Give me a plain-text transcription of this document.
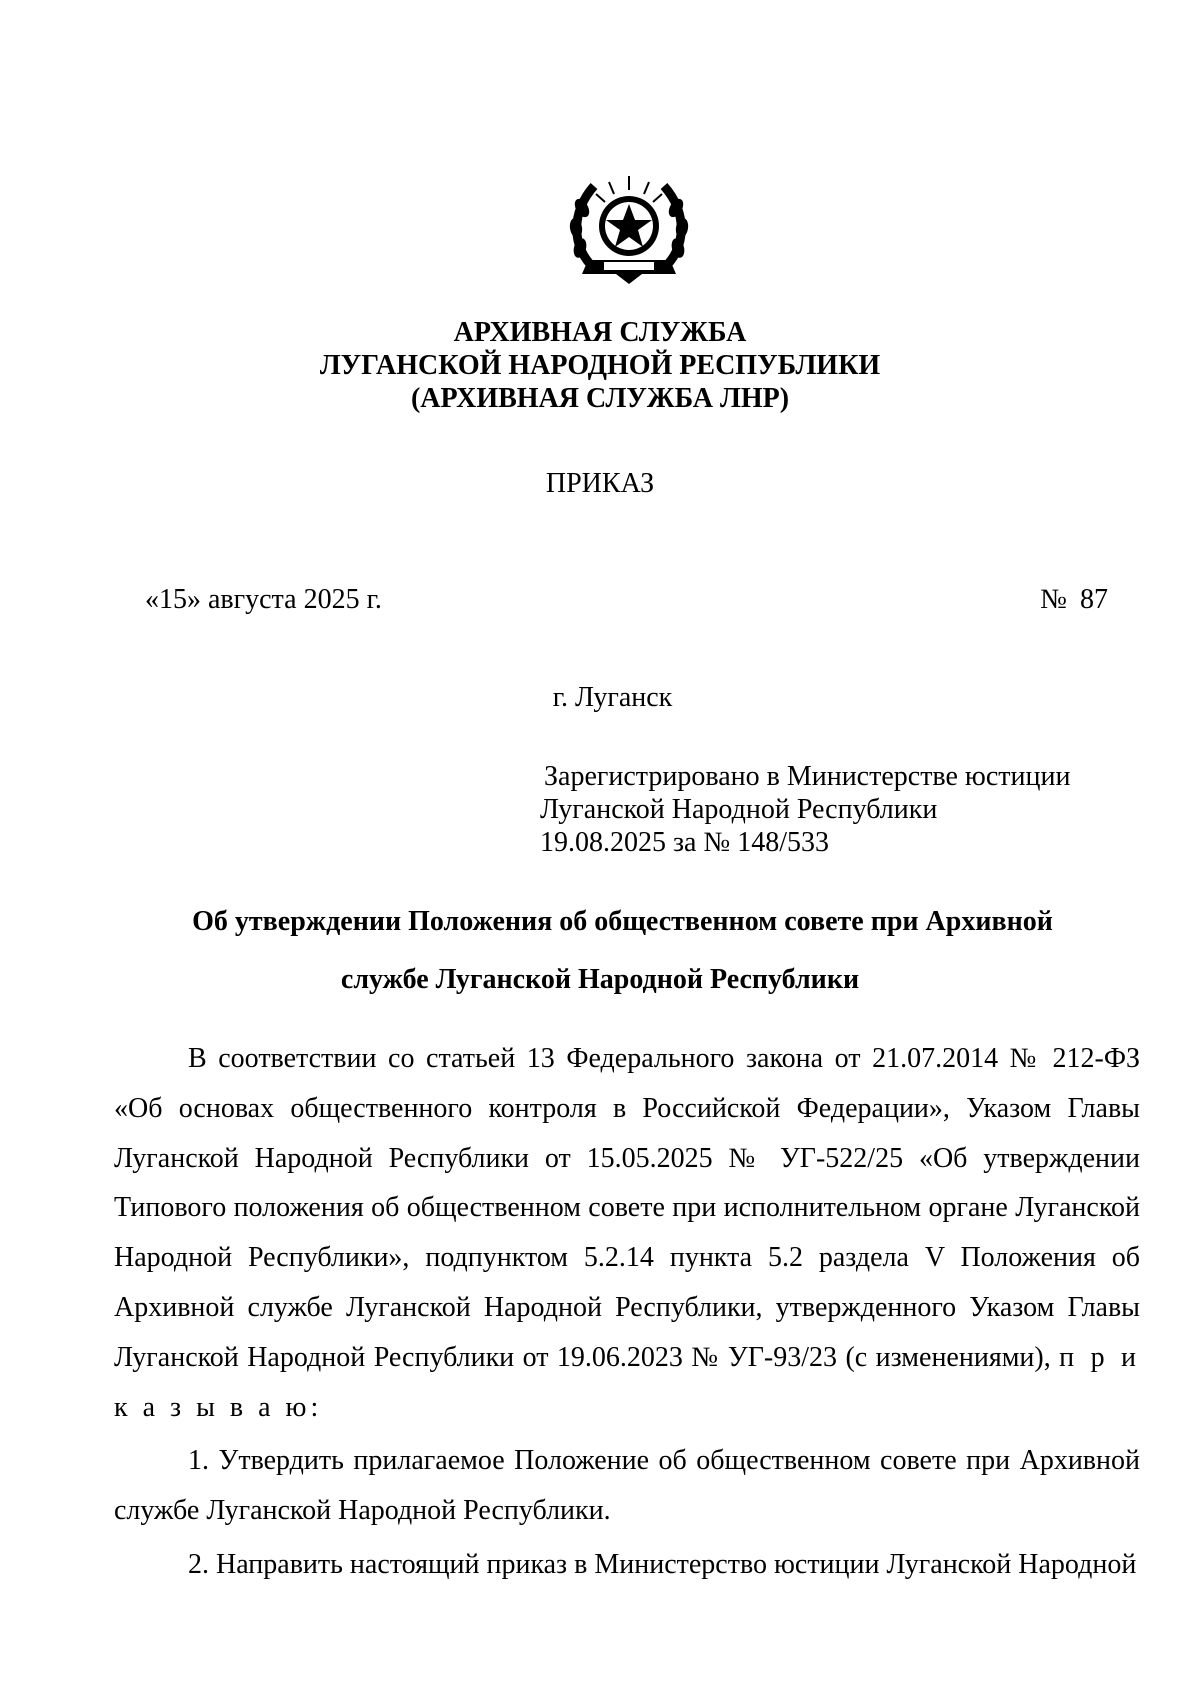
АРХИВНАЯ СЛУЖБА
ЛУГАНСКОЙ НАРОДНОЙ РЕСПУБЛИКИ
(АРХИВНАЯ СЛУЖБА ЛНР)
ПРИКАЗ
«15» августа 2025 г.	№ 87
г. Луганск
Зарегистрировано в Министерстве юстиции
Луганской Народной Республики
19.08.2025 за № 148/533
Об утверждении Положения об общественном совете при Архивной
службе Луганской Народной Республики

В соответствии со статьей 13 Федерального закона от 21.07.2014 № 212-ФЗ «Об основах общественного контроля в Российской Федерации», Указом Главы Луганской Народной Республики от 15.05.2025 № УГ-522/25 «Об утверждении Типового положения об общественном совете при исполнительном органе Луганской Народной Республики», подпунктом 5.2.14 пункта 5.2 раздела V Положения об Архивной службе Луганской Народной Республики, утвержденного Указом Главы Луганской Народной Республики от 19.06.2023 № УГ-93/23 (с изменениями), п р и к а з ы в а ю:

1. Утвердить прилагаемое Положение об общественном совете при Архивной службе Луганской Народной Республики.

2. Направить настоящий приказ в Министерство юстиции Луганской Народной
